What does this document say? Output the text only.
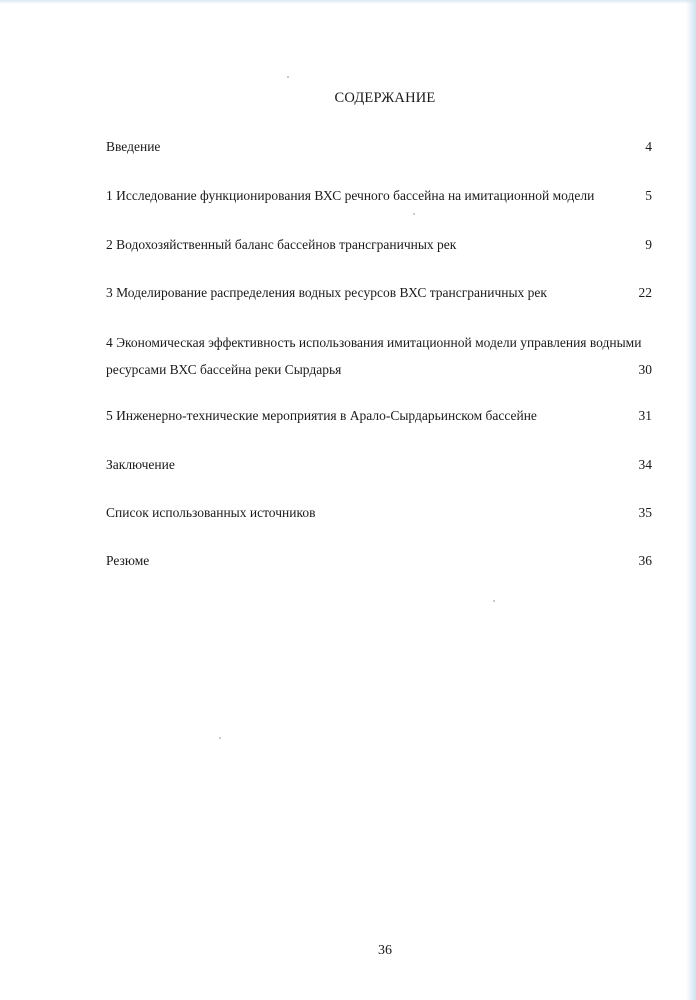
СОДЕРЖАНИЕ
Введение	4
1 Исследование функционирования ВХС речного бассейна на имитационной модели	5
2 Водохозяйственный баланс бассейнов трансграничных рек	9
3 Моделирование распределения водных ресурсов ВХС трансграничных рек	22
4 Экономическая эффективность использования имитационной модели управления водными
ресурсами ВХС бассейна реки Сырдарья	30
5 Инженерно-технические мероприятия в Арало-Сырдарьинском бассейне	31
Заключение	34
Список использованных источников	35
Резюме	36
36
